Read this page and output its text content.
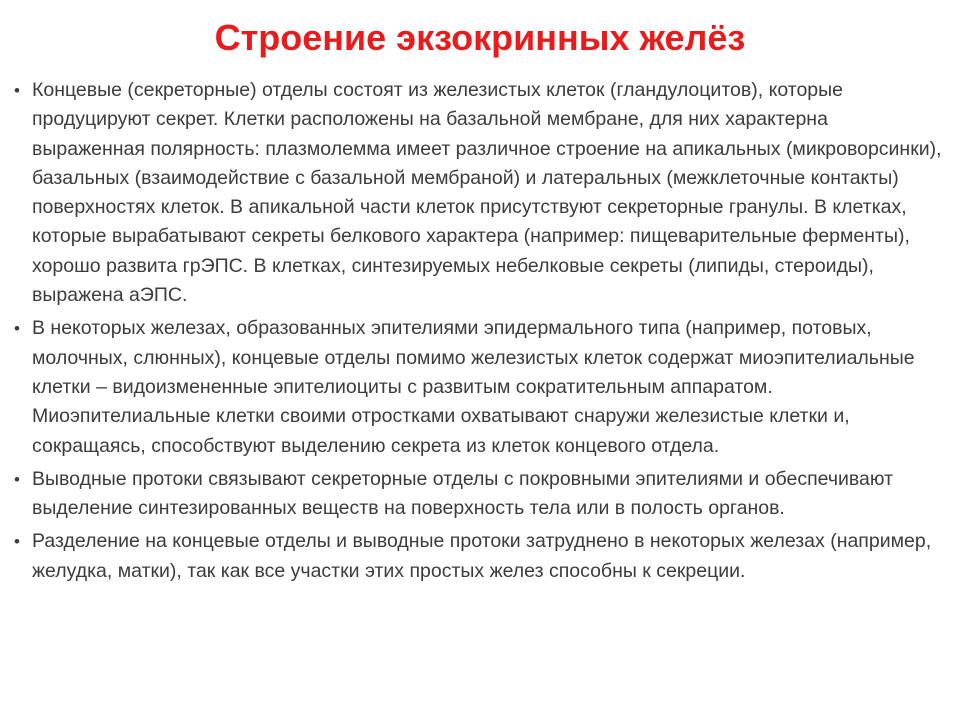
Строение экзокринных желёз
• Концевые (секреторные) отделы состоят из железистых клеток (гландулоцитов), которые продуцируют секрет. Клетки расположены на базальной мембране, для них характерна выраженная полярность: плазмолемма имеет различное строение на апикальных (микроворсинки), базальных (взаимодействие с базальной мембраной) и латеральных (межклеточные контакты) поверхностях клеток. В апикальной части клеток присутствуют секреторные гранулы. В клетках, которые вырабатывают секреты белкового характера (например: пищеварительные ферменты), хорошо развита грЭПС. В клетках, синтезируемых небелковые секреты (липиды, стероиды), выражена аЭПС.
• В некоторых железах, образованных эпителиями эпидермального типа (например, потовых, молочных, слюнных), концевые отделы помимо железистых клеток содержат миоэпителиальные клетки – видоизмененные эпителиоциты с развитым сократительным аппаратом. Миоэпителиальные клетки своими отростками охватывают снаружи железистые клетки и, сокращаясь, способствуют выделению секрета из клеток концевого отдела.
• Выводные протоки связывают секреторные отделы с покровными эпителиями и обеспечивают выделение синтезированных веществ на поверхность тела или в полость органов.
• Разделение на концевые отделы и выводные протоки затруднено в некоторых железах (например, желудка, матки), так как все участки этих простых желез способны к секреции.
